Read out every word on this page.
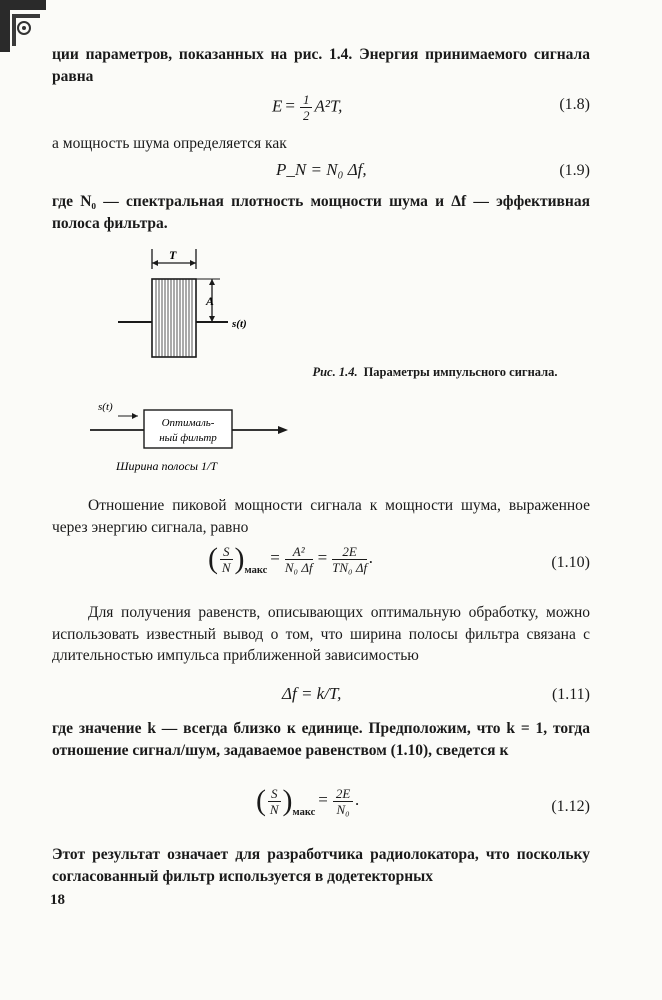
ции параметров, показанных на рис. 1.4. Энергия принимаемого сигнала равна
$E = \frac{1}{2} A^2T$,	(1.8)
а мощность шума определяется как
P_N = N₀ Δf,	(1.9)
где N₀ — спектральная плотность мощности шума и Δf — эффективная полоса фильтра.
T
A
s(t)
Рис. 1.4. Параметры импульсного сигнала.
s(t)
Оптималь-
ный фильтр
Ширина полосы 1/T
Отношение пиковой мощности сигнала к мощности шума, выраженное через энергию сигнала, равно
( $\frac{S}{N} )_{макс}= \frac{\text{A²}}{\text{N₀ Δf}} = \frac{2E}{\text{TN₀ Δf}}$ .	(1.10)
Для получения равенств, описывающих оптимальную обработку, можно использовать известный вывод о том, что ширина полосы фильтра связана с длительностью импульса приближенной зависимостью
Δf = k/T,	(1.11)
где значение k — всегда близко к единице. Предположим, что k = 1, тогда отношение сигнал/шум, задаваемое равенством (1.10), сведется к
( $\frac{S}{N} )_{макс}= \frac{2E}{\text{N₀}}$ .	(1.12)
Этот результат означает для разработчика радиолокатора, что поскольку согласованный фильтр используется в додетекторных
18
